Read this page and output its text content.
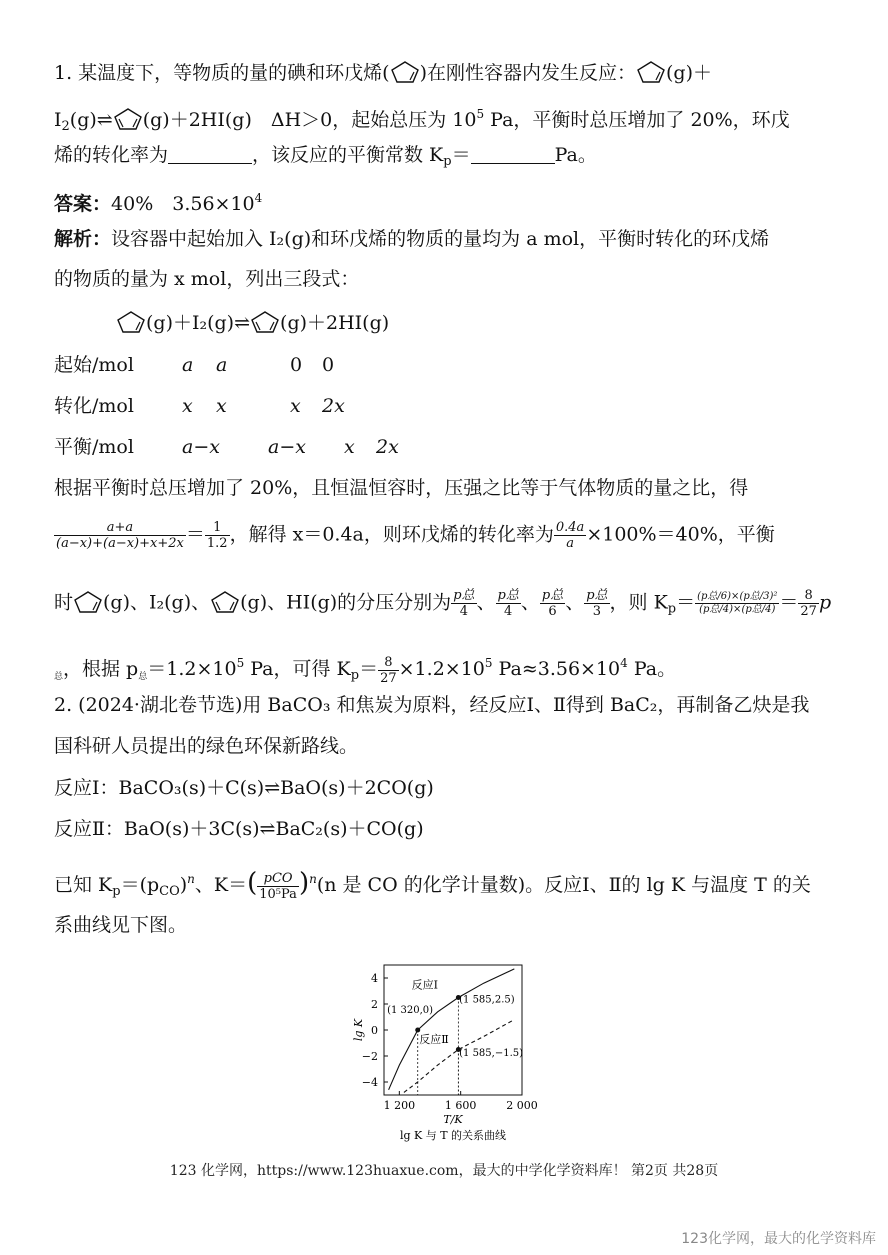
1. 某温度下，等物质的量的碘和环戊烯( )在刚性容器内发生反应： (g)＋
$I_2(g)\rightleftharpoons$ (g)＋2HI(g)　ΔH＞0，起始总压为 $10^5$ Pa，平衡时总压增加了 20%，环戊
烯的转化率为	，该反应的平衡常数 $K_p=$	Pa。
答案：40%　$3.56\times 10^4$
解析：设容器中起始加入 I₂(g)和环戊烯的物质的量均为 a mol，平衡时转化的环戊烯
的物质的量为 x mol，列出三段式：
(g)＋I₂(g)⇌ (g)＋2HI(g)
起始/mol	a a	0 0
转化/mol	x x	x 2x
平衡/mol	a−x	a−x x 2x
根据平衡时总压增加了 20%，且恒温恒容时，压强之比等于气体物质的量之比，得
$\frac{a+a}{(a-x)+(a-x)+x+2x} = \frac{1}{1.2}$ ，解得 x＝0.4a，则环戊烯的转化率为 $\frac{0.4a}{a} \times 100\%=40\%$，平衡
时 (g)、I₂(g)、 (g)、HI(g)的分压分别为 $\frac{\text{p总}}{4}$ 、 $\frac{\text{p总}}{4}$ 、 $\frac{\text{p总}}{6}$ 、 $\frac{\text{p总}}{3}$ ，则 $K_p= \frac{\text{(p总/6)×(p总/3)²}}{\text{(p总/4)×(p总/4)}} = \frac{8}{27}$ p
$_总$，根据 $p_总=1.2\times 10^5$ Pa，可得 $K_p= \frac{8}{27} \times 1.2\times 10^5$ $Pa\approx 3.56\times 10^4$ Pa。
2. (2024·湖北卷节选)用 BaCO₃ 和焦炭为原料，经反应Ⅰ、Ⅱ得到 BaC₂，再制备乙炔是我
国科研人员提出的绿色环保新路线。
反应Ⅰ：BaCO₃(s)＋C(s)⇌BaO(s)＋2CO(g)
反应Ⅱ：BaO(s)＋3C(s)⇌BaC₂(s)＋CO(g)
已知 $K_p=(p_{CO})^n$、$K=( \frac{\text{pCO}}{\text{10⁵Pa}} )^n(n$ 是 CO 的化学计量数)。反应Ⅰ、Ⅱ的 lg K 与温度 T 的关
系曲线见下图。
4
2
0
−2
−4
1 200	1 600	2 000
T/K
lg K
lg K 与 T 的关系曲线
反应Ⅰ
反应Ⅱ
(1 320,0)
(1 585,2.5)
(1 585,−1.5)
123 化学网，https://www.123huaxue.com，最大的中学化学资料库！ 第2页 共28页
123化学网，最大的化学资料库
